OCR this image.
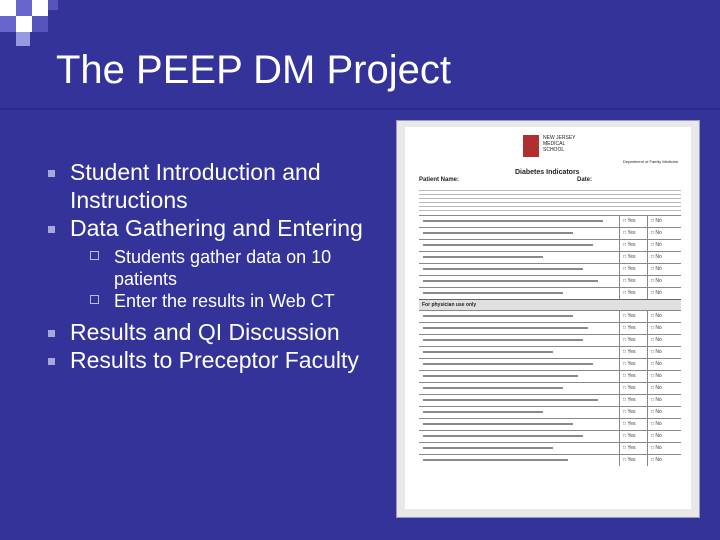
The PEEP DM Project
Student Introduction and Instructions
Data Gathering and Entering
Students gather data on 10 patients
Enter the results in Web CT
Results and QI Discussion
Results to Preceptor Faculty
NEW JERSEY MEDICAL SCHOOL
Department of Family Medicine
Diabetes Indicators
Patient Name:	Date:
□ Yes	□ No
□ Yes	□ No
□ Yes	□ No
□ Yes	□ No
□ Yes	□ No
□ Yes	□ No
□ Yes	□ No
For physician use only
□ Yes	□ No
□ Yes	□ No
□ Yes	□ No
□ Yes	□ No
□ Yes	□ No
□ Yes	□ No
□ Yes	□ No
□ Yes	□ No
□ Yes	□ No
□ Yes	□ No
□ Yes	□ No
□ Yes	□ No
□ Yes	□ No
